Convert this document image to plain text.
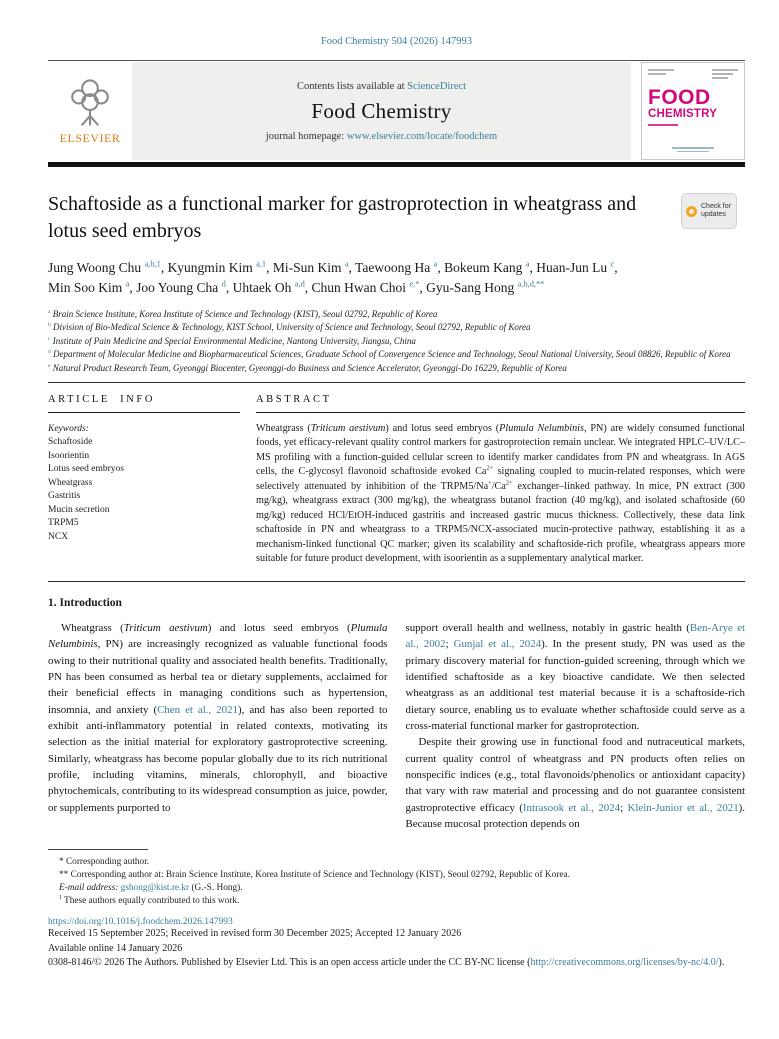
Food Chemistry 504 (2026) 147993
ELSEVIER
Contents lists available at ScienceDirect
Food Chemistry
journal homepage: www.elsevier.com/locate/foodchem
FOOD
CHEMISTRY
Schaftoside as a functional marker for gastroprotection in wheatgrass and lotus seed embryos
Check for updates
Jung Woong Chu $^{a,b,1}$, Kyungmin Kim $^{a,1}$, Mi-Sun Kim $^a$, Taewoong Ha $^a$, Bokeum Kang $^a$, Huan-Jun Lu $^c$, Min Soo Kim $^a$, Joo Young Cha $^d$, Uhtaek Oh $^{a,d}$, Chun Hwan Choi $^{e,*}$, Gyu-Sang Hong $^{a,b,d,**}$
$^a$ Brain Science Institute, Korea Institute of Science and Technology (KIST), Seoul 02792, Republic of Korea
$^b$ Division of Bio-Medical Science & Technology, KIST School, University of Science and Technology, Seoul 02792, Republic of Korea
$^c$ Institute of Pain Medicine and Special Environmental Medicine, Nantong University, Jiangsu, China
$^d$ Department of Molecular Medicine and Biopharmaceutical Sciences, Graduate School of Convergence Science and Technology, Seoul National University, Seoul 08826, Republic of Korea
$^e$ Natural Product Research Team, Gyeonggi Biocenter, Gyeonggi-do Business and Science Accelerator, Gyeonggi-Do 16229, Republic of Korea
ARTICLE INFO
Keywords:
Schaftoside
Isoorientin
Lotus seed embryos
Wheatgrass
Gastritis
Mucin secretion
TRPM5
NCX
ABSTRACT
Wheatgrass (Triticum aestivum) and lotus seed embryos (Plumula Nelumbinis, PN) are widely consumed functional foods, yet efficacy-relevant quality control markers for gastroprotection remain unclear. We integrated HPLC–UV/LC–MS profiling with a function-guided cellular screen to identify marker candidates from PN and wheatgrass. In AGS cells, the C-glycosyl flavonoid schaftoside evoked $Ca^{2+}$ signaling coupled to mucin-related responses, which were selectively attenuated by inhibition of the $TRPM5/Na^+/Ca^{2+}$ exchanger–linked pathway. In mice, PN extract (300 mg/kg), wheatgrass extract (300 mg/kg), the wheatgrass butanol fraction (40 mg/kg), and isolated schaftoside (60 mg/kg) reduced HCl/EtOH-induced gastritis and increased gastric mucus thickness. Collectively, these data link schaftoside in PN and wheatgrass to a TRPM5/NCX-associated mucin-protective pathway, establishing it as a mechanism-linked functional QC marker; given its scalability and schaftoside-rich profile, wheatgrass appears more suitable for future product development, with isoorientin as a supplementary analytical marker.
1. Introduction

Wheatgrass (Triticum aestivum) and lotus seed embryos (Plumula Nelumbinis, PN) are increasingly recognized as valuable functional foods owing to their nutritional quality and associated health benefits. Traditionally, PN has been consumed as herbal tea or dietary supplements, acclaimed for their beneficial effects in managing conditions such as hypertension, insomnia, and anxiety (Chen et al., 2021), and has also been reported to exhibit anti-inflammatory potential in related contexts, motivating its selection as the initial material for exploratory gastroprotective screening. Similarly, wheatgrass has become popular globally due to its rich nutritional profile, including vitamins, minerals, chlorophyll, and bioactive phytochemicals, contributing to its widespread consumption as juice, powder, or supplements purported to

support overall health and wellness, notably in gastric health (Ben-Arye et al., 2002; Gunjal et al., 2024). In the present study, PN was used as the primary discovery material for function-guided screening, through which we identified schaftoside as a key bioactive candidate. We then selected wheatgrass as an additional test material because it is a schaftoside-rich dietary source, enabling us to evaluate whether schaftoside could serve as a cross-material functional marker for gastroprotection.

Despite their growing use in functional food and nutraceutical markets, current quality control of wheatgrass and PN products often relies on nonspecific indices (e.g., total flavonoids/phenolics or antioxidant capacity) that vary with raw material and processing and do not guarantee consistent gastroprotective efficacy (Intrasook et al., 2024; Klein-Junior et al., 2021). Because mucosal protection depends on

* Corresponding author.
** Corresponding author at: Brain Science Institute, Korea Institute of Science and Technology (KIST), Seoul 02792, Republic of Korea.
E-mail address: gshong@kist.re.kr (G.-S. Hong).
$^1$ These authors equally contributed to this work.
https://doi.org/10.1016/j.foodchem.2026.147993
Received 15 September 2025; Received in revised form 30 December 2025; Accepted 12 January 2026
Available online 14 January 2026
0308-8146/© 2026 The Authors. Published by Elsevier Ltd. This is an open access article under the CC BY-NC license (http://creativecommons.org/licenses/by-nc/4.0/).
